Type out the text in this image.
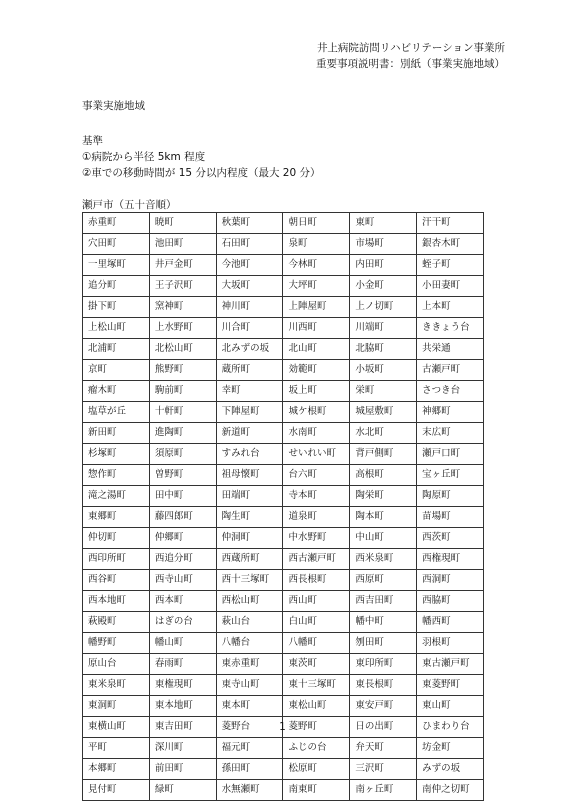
井上病院訪問リハビリテーション事業所
重要事項説明書：別紙（事業実施地域）
事業実施地域
基準
①病院から半径 5km 程度
②車での移動時間が 15 分以内程度（最大 20 分）
瀬戸市（五十音順）
赤重町	暁町	秋葉町	朝日町	東町	汗干町
穴田町	池田町	石田町	泉町	市場町	銀杏木町
一里塚町	井戸金町	今池町	今林町	内田町	蛭子町
追分町	王子沢町	大坂町	大坪町	小金町	小田妻町
掛下町	窯神町	神川町	上陣屋町	上ノ切町	上本町
上松山町	上水野町	川合町	川西町	川端町	ききょう台
北浦町	北松山町	北みずの坂	北山町	北脇町	共栄通
京町	熊野町	蔵所町	効範町	小坂町	古瀬戸町
瘤木町	駒前町	幸町	坂上町	栄町	さつき台
塩草が丘	十軒町	下陣屋町	城ケ根町	城屋敷町	神郷町
新田町	進陶町	新道町	水南町	水北町	末広町
杉塚町	須原町	すみれ台	せいれい町	背戸側町	瀬戸口町
惣作町	曽野町	祖母懐町	台六町	高根町	宝ヶ丘町
滝之湯町	田中町	田端町	寺本町	陶栄町	陶原町
東郷町	藤四郎町	陶生町	道泉町	陶本町	苗場町
仲切町	仲郷町	仲洞町	中水野町	中山町	西茨町
西印所町	西追分町	西蔵所町	西古瀬戸町	西米泉町	西権現町
西谷町	西寺山町	西十三塚町	西長根町	西原町	西洞町
西本地町	西本町	西松山町	西山町	西吉田町	西脇町
萩殿町	はぎの台	萩山台	白山町	幡中町	幡西町
幡野町	幡山町	八幡台	八幡町	刎田町	羽根町
原山台	春雨町	東赤重町	東茨町	東印所町	東古瀬戸町
東米泉町	東権現町	東寺山町	東十三塚町	東長根町	東菱野町
東洞町	東本地町	東本町	東松山町	東安戸町	東山町
東横山町	東吉田町	菱野台	菱野町	日の出町	ひまわり台
平町	深川町	福元町	ふじの台	弁天町	坊金町
本郷町	前田町	孫田町	松原町	三沢町	みずの坂
見付町	緑町	水無瀬町	南東町	南ヶ丘町	南仲之切町
1
